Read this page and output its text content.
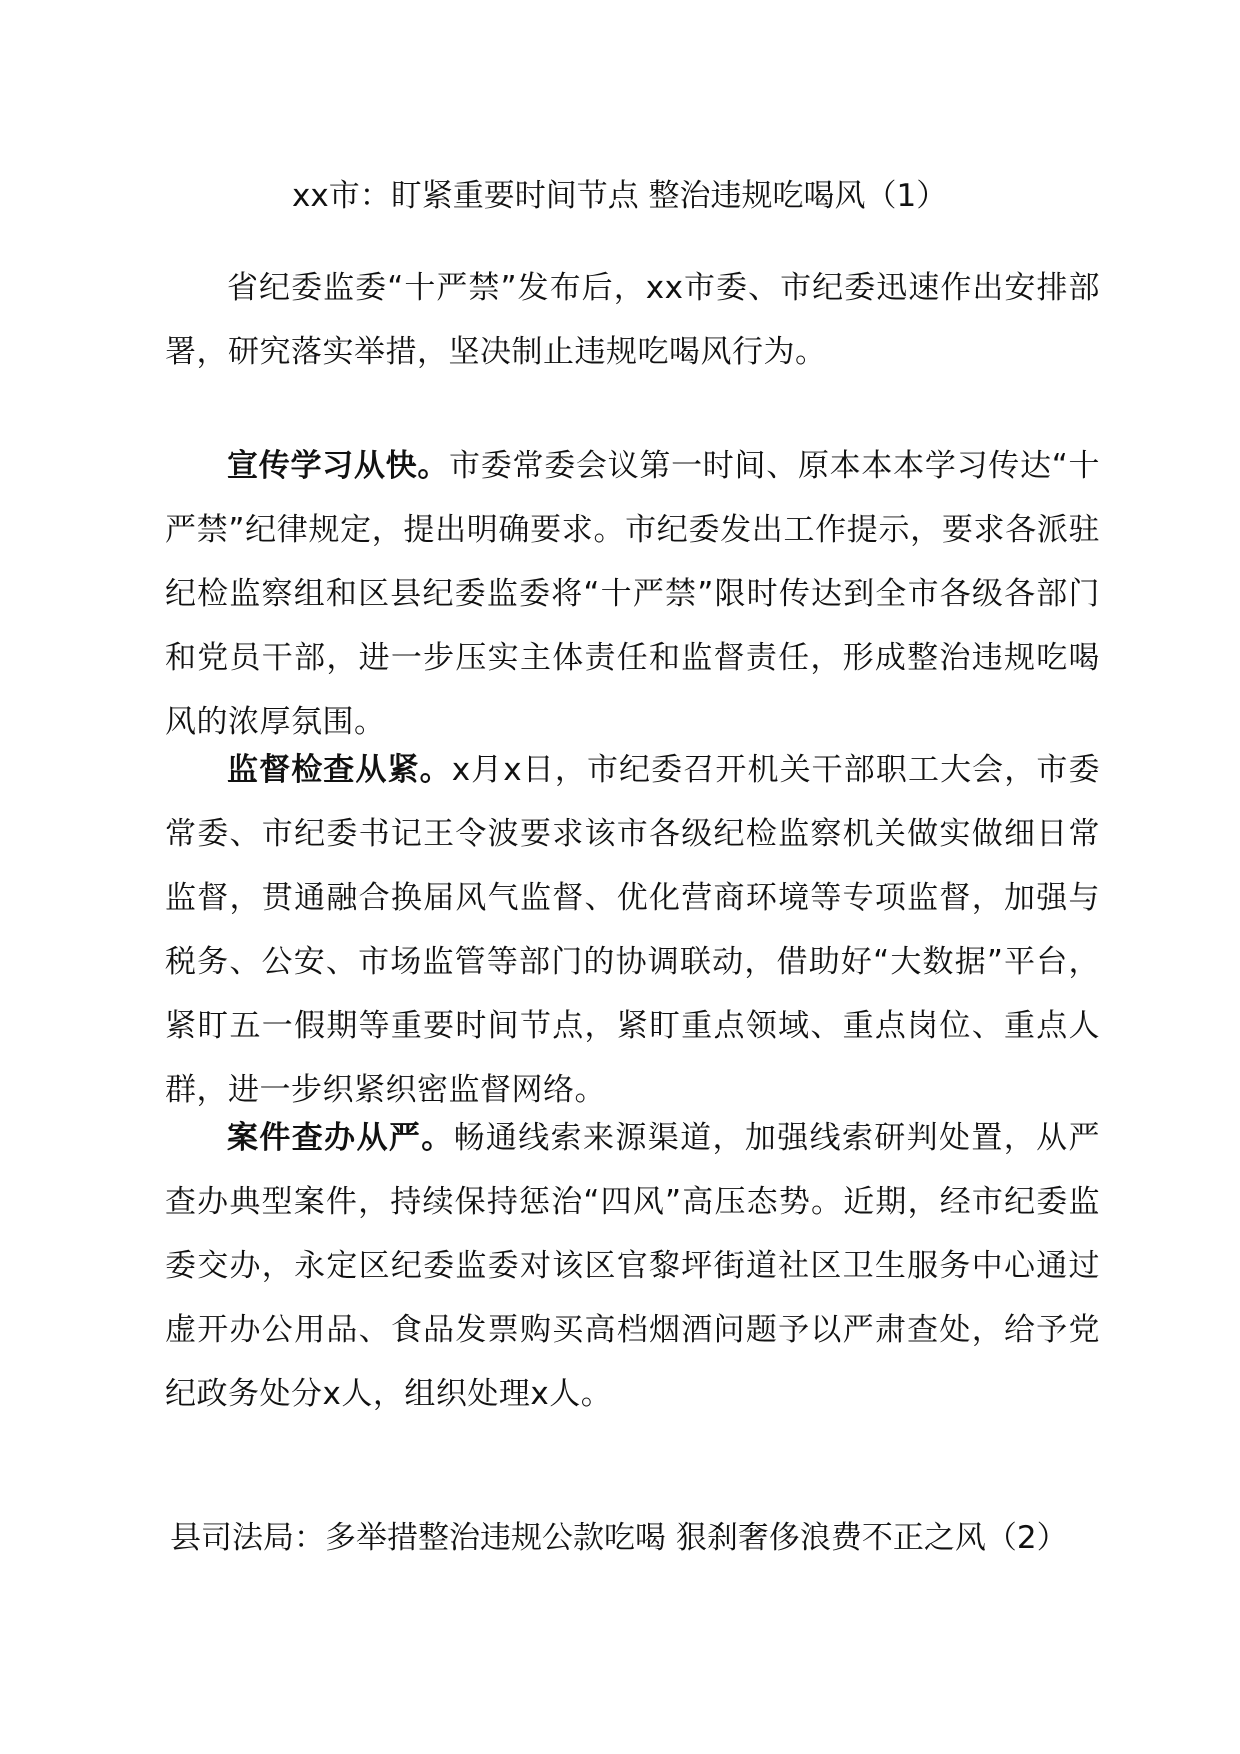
xx市：盯紧重要时间节点 整治违规吃喝风（1）

省纪委监委“十严禁”发布后，xx市委、市纪委迅速作出安排部署，研究落实举措，坚决制止违规吃喝风行为。

宣传学习从快。市委常委会议第一时间、原本本本学习传达“十严禁”纪律规定，提出明确要求。市纪委发出工作提示，要求各派驻纪检监察组和区县纪委监委将“十严禁”限时传达到全市各级各部门和党员干部，进一步压实主体责任和监督责任，形成整治违规吃喝风的浓厚氛围。

监督检查从紧。x月x日，市纪委召开机关干部职工大会，市委常委、市纪委书记王令波要求该市各级纪检监察机关做实做细日常监督，贯通融合换届风气监督、优化营商环境等专项监督，加强与税务、公安、市场监管等部门的协调联动，借助好“大数据”平台，紧盯五一假期等重要时间节点，紧盯重点领域、重点岗位、重点人群，进一步织紧织密监督网络。

案件查办从严。畅通线索来源渠道，加强线索研判处置，从严查办典型案件，持续保持惩治“四风”高压态势。近期，经市纪委监委交办，永定区纪委监委对该区官黎坪街道社区卫生服务中心通过虚开办公用品、食品发票购买高档烟酒问题予以严肃查处，给予党纪政务处分x人，组织处理x人。

县司法局：多举措整治违规公款吃喝 狠刹奢侈浪费不正之风（2）
